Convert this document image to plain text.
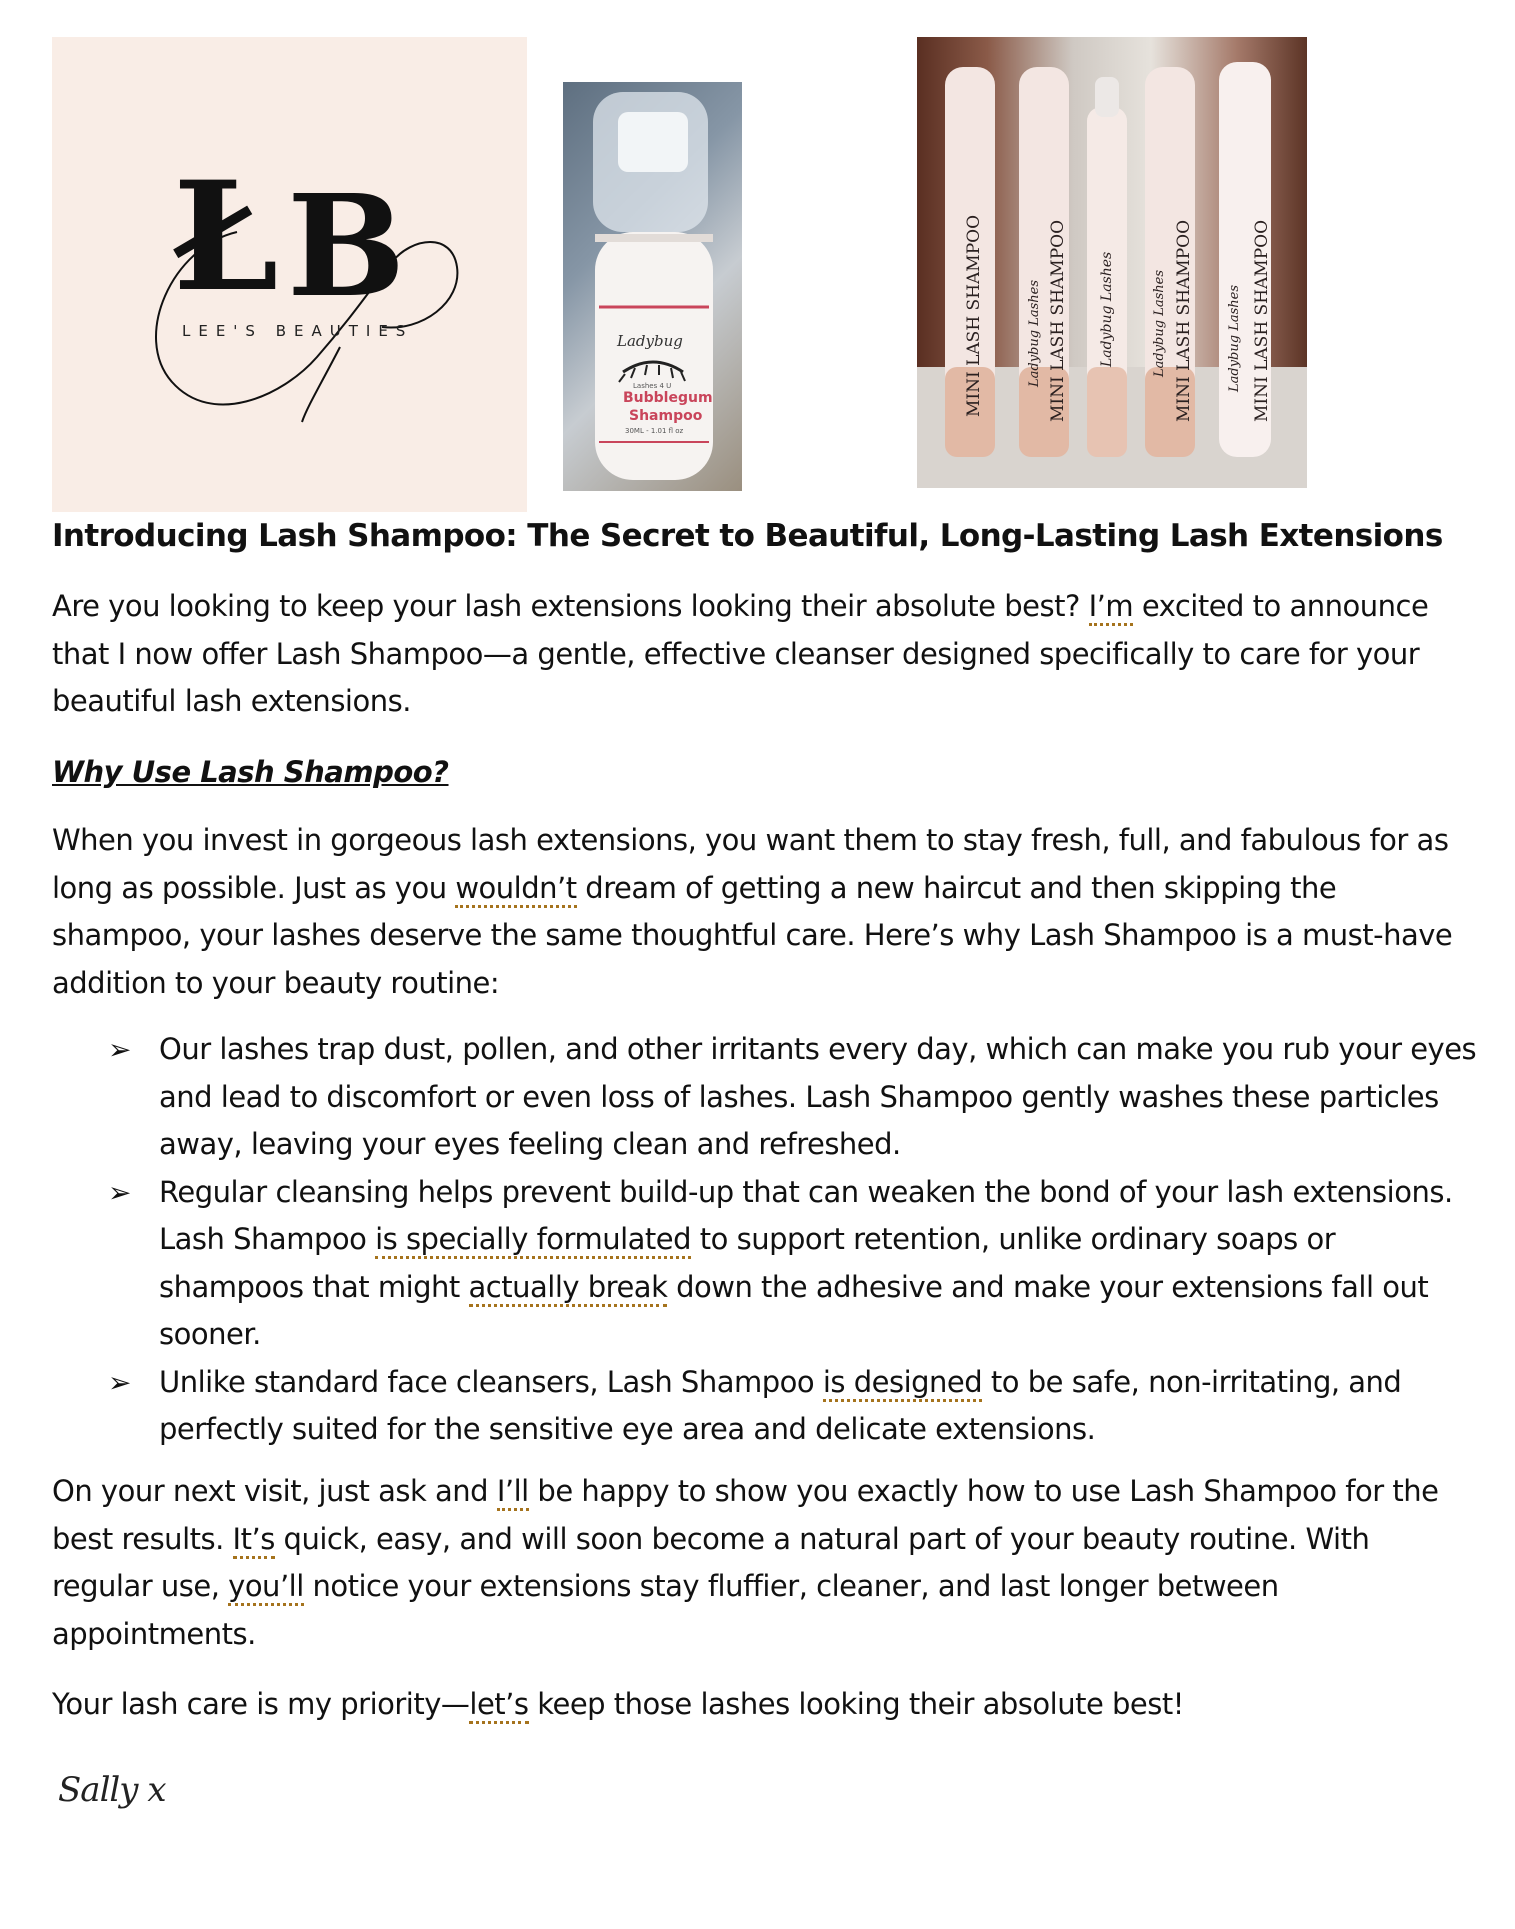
Ł B
LEE'S BEAUTIES
Ladybug
Lashes 4 U
Bubblegum
Shampoo
30ML - 1.01 fl oz
MINI LASH SHAMPOO	MINI LASH SHAMPOO
Ladybug Lashes	Ladybug Lashes	MINI LASH SHAMPOO
Ladybug Lashes	MINI LASH SHAMPOO
Ladybug Lashes
Introducing Lash Shampoo: The Secret to Beautiful, Long-Lasting Lash Extensions

Are you looking to keep your lash extensions looking their absolute best? I’m excited to announce that I now offer Lash Shampoo—a gentle, effective cleanser designed specifically to care for your beautiful lash extensions.

Why Use Lash Shampoo?

When you invest in gorgeous lash extensions, you want them to stay fresh, full, and fabulous for as long as possible. Just as you wouldn’t dream of getting a new haircut and then skipping the shampoo, your lashes deserve the same thoughtful care. Here’s why Lash Shampoo is a must-have addition to your beauty routine:

➢ Our lashes trap dust, pollen, and other irritants every day, which can make you rub your eyes and lead to discomfort or even loss of lashes. Lash Shampoo gently washes these particles away, leaving your eyes feeling clean and refreshed.
➢ Regular cleansing helps prevent build-up that can weaken the bond of your lash extensions. Lash Shampoo is specially formulated to support retention, unlike ordinary soaps or shampoos that might actually break down the adhesive and make your extensions fall out sooner.
➢ Unlike standard face cleansers, Lash Shampoo is designed to be safe, non-irritating, and perfectly suited for the sensitive eye area and delicate extensions.

On your next visit, just ask and I’ll be happy to show you exactly how to use Lash Shampoo for the best results. It’s quick, easy, and will soon become a natural part of your beauty routine. With regular use, you’ll notice your extensions stay fluffier, cleaner, and last longer between appointments.

Your lash care is my priority—let’s keep those lashes looking their absolute best!

Sally x
